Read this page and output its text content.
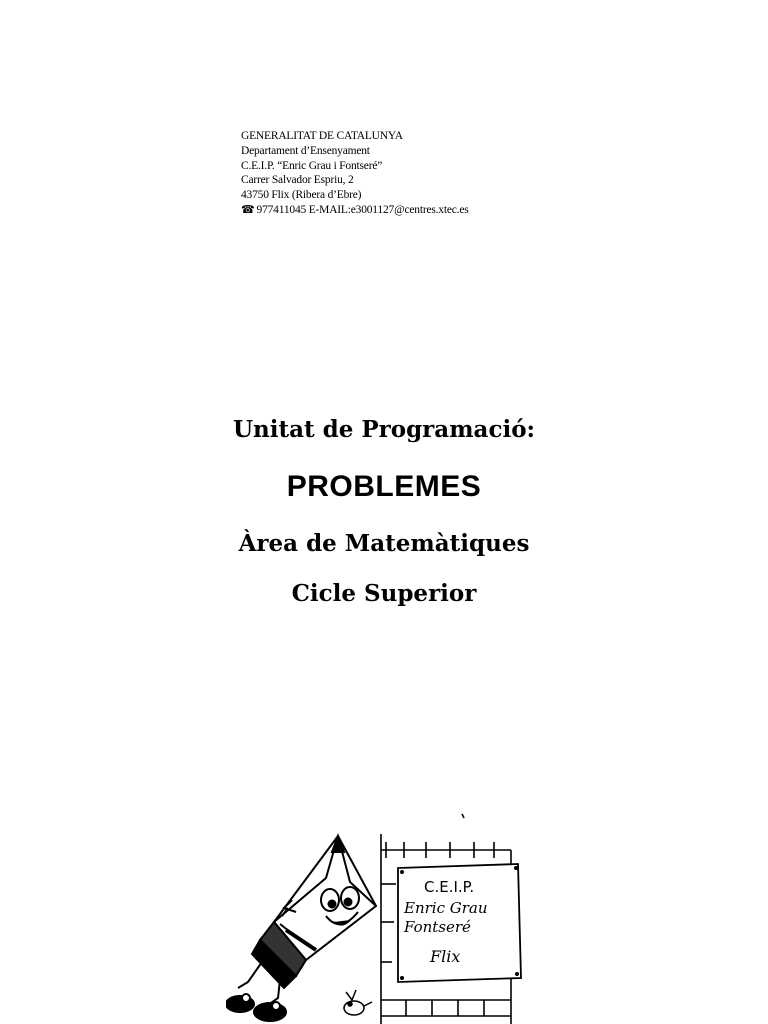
GENERALITAT DE CATALUNYA
Departament d’Ensenyament
C.E.I.P. “Enric Grau i Fontseré”
Carrer Salvador Espriu, 2
43750 Flix (Ribera d’Ebre)
☎ 977411045 E-MAIL:e3001127@centres.xtec.es
Unitat de Programació:
PROBLEMES
Àrea de Matemàtiques
Cicle Superior
C.E.I.P.
Enric Grau
Fontseré
Flix
